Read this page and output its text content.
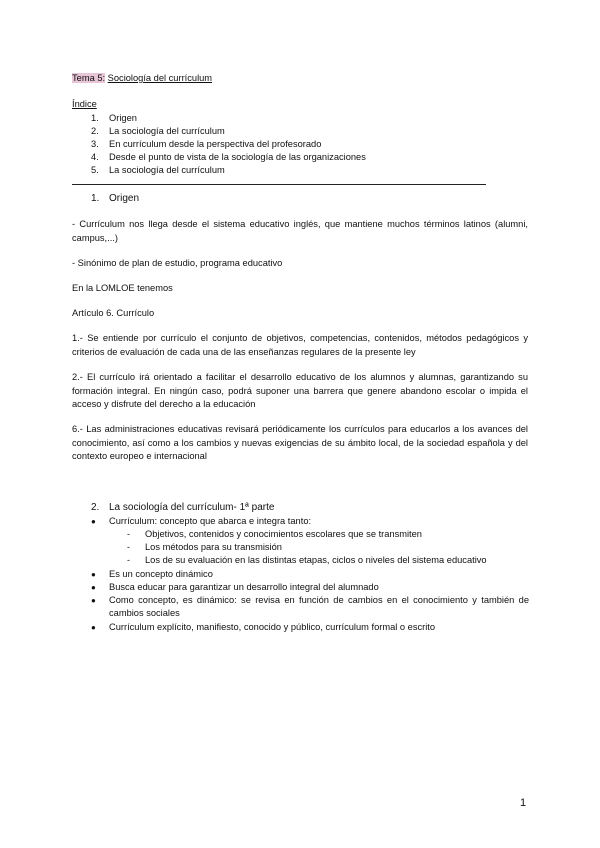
Tema 5: Sociología del currículum
Índice
1. Origen
2. La sociología del currículum
3. En currículum desde la perspectiva del profesorado
4. Desde el punto de vista de la sociología de las organizaciones
5. La sociología del currículum
1. Origen
- Currículum nos llega desde el sistema educativo inglés, que mantiene muchos términos latinos (alumni, campus,...)
- Sinónimo de plan de estudio, programa educativo
En la LOMLOE tenemos
Artículo 6. Currículo
1.- Se entiende por currículo el conjunto de objetivos, competencias, contenidos, métodos pedagógicos y criterios de evaluación de cada una de las enseñanzas regulares de la presente ley
2.- El currículo irá orientado a facilitar el desarrollo educativo de los alumnos y alumnas, garantizando su formación integral. En ningún caso, podrá suponer una barrera que genere abandono escolar o impida el acceso y disfrute del derecho a la educación
6.- Las administraciones educativas revisará periódicamente los currículos para educarlos a los avances del conocimiento, así como a los cambios y nuevas exigencias de su ámbito local, de la sociedad española y del contexto europeo e internacional
2. La sociología del currículum- 1ª parte
● Currículum: concepto que abarca e integra tanto:
- Objetivos, contenidos y conocimientos escolares que se transmiten
- Los métodos para su transmisión
- Los de su evaluación en las distintas etapas, ciclos o niveles del sistema educativo
● Es un concepto dinámico
● Busca educar para garantizar un desarrollo integral del alumnado
● Como concepto, es dinámico: se revisa en función de cambios en el conocimiento y también de cambios sociales
● Currículum explícito, manifiesto, conocido y público, currículum formal o escrito
1
